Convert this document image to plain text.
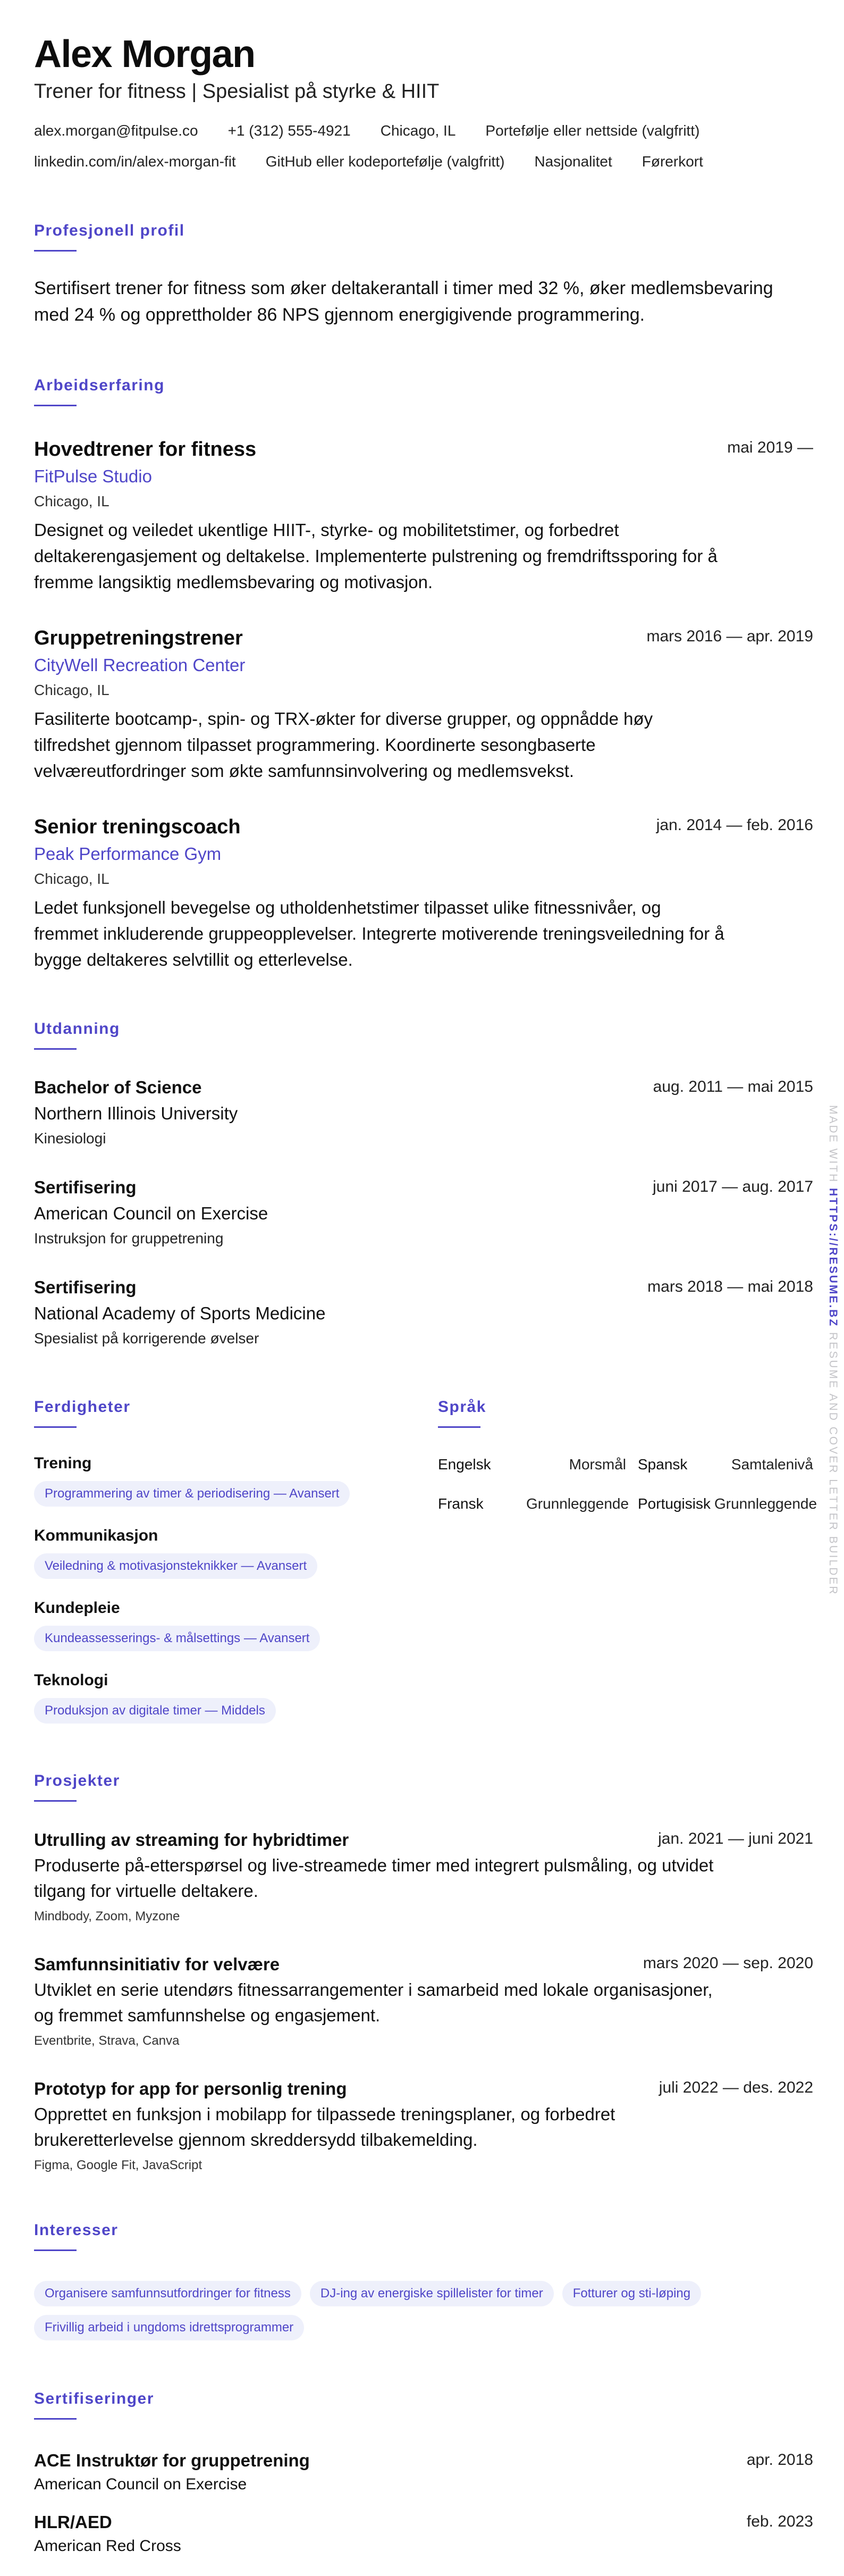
Alex Morgan
Trener for fitness | Spesialist på styrke & HIIT
alex.morgan@fitpulse.co +1 (312) 555-4921 Chicago, IL Portefølje eller nettside (valgfritt)
linkedin.com/in/alex-morgan-fit GitHub eller kodeportefølje (valgfritt) Nasjonalitet Førerkort
Profesjonell profil
Sertifisert trener for fitness som øker deltakerantall i timer med 32 %, øker medlemsbevaring med 24 % og opprettholder 86 NPS gjennom energigivende programmering.
Arbeidserfaring
Hovedtrener for fitness	mai 2019 —
FitPulse Studio
Chicago, IL
Designet og veiledet ukentlige HIIT-, styrke- og mobilitetstimer, og forbedret deltakerengasjement og deltakelse. Implementerte pulstrening og fremdriftssporing for å fremme langsiktig medlemsbevaring og motivasjon.
Gruppetreningstrener	mars 2016 — apr. 2019
CityWell Recreation Center
Chicago, IL
Fasiliterte bootcamp-, spin- og TRX-økter for diverse grupper, og oppnådde høy tilfredshet gjennom tilpasset programmering. Koordinerte sesongbaserte velværeutfordringer som økte samfunnsinvolvering og medlemsvekst.
Senior treningscoach	jan. 2014 — feb. 2016
Peak Performance Gym
Chicago, IL
Ledet funksjonell bevegelse og utholdenhetstimer tilpasset ulike fitnessnivåer, og fremmet inkluderende gruppeopplevelser. Integrerte motiverende treningsveiledning for å bygge deltakeres selvtillit og etterlevelse.
Utdanning
Bachelor of Science	aug. 2011 — mai 2015
Northern Illinois University
Kinesiologi
Sertifisering	juni 2017 — aug. 2017
American Council on Exercise
Instruksjon for gruppetrening
Sertifisering	mars 2018 — mai 2018
National Academy of Sports Medicine
Spesialist på korrigerende øvelser
Ferdigheter
Trening
Programmering av timer & periodisering — Avansert
Kommunikasjon
Veiledning & motivasjonsteknikker — Avansert
Kundepleie
Kundeassesserings- & målsettings — Avansert
Teknologi
Produksjon av digitale timer — Middels
Språk
Engelsk	Morsmål Spansk	Samtalenivå
Fransk	Grunnleggende Portugisisk Grunnleggende
Prosjekter
Utrulling av streaming for hybridtimer	jan. 2021 — juni 2021
Produserte på-etterspørsel og live-streamede timer med integrert pulsmåling, og utvidet tilgang for virtuelle deltakere.
Mindbody, Zoom, Myzone
Samfunnsinitiativ for velvære	mars 2020 — sep. 2020
Utviklet en serie utendørs fitnessarrangementer i samarbeid med lokale organisasjoner, og fremmet samfunnshelse og engasjement.
Eventbrite, Strava, Canva
Prototyp for app for personlig trening	juli 2022 — des. 2022
Opprettet en funksjon i mobilapp for tilpassede treningsplaner, og forbedret brukeretterlevelse gjennom skreddersydd tilbakemelding.
Figma, Google Fit, JavaScript
Interesser
Organisere samfunnsutfordringer for fitness	DJ-ing av energiske spillelister for timer	Fotturer og sti-løping
Frivillig arbeid i ungdoms idrettsprogrammer
Sertifiseringer
ACE Instruktør for gruppetrening	apr. 2018
American Council on Exercise
HLR/AED	feb. 2023
American Red Cross
MADE WITH HTTPS://RESUME.BZ RESUME AND COVER LETTER BUILDER
